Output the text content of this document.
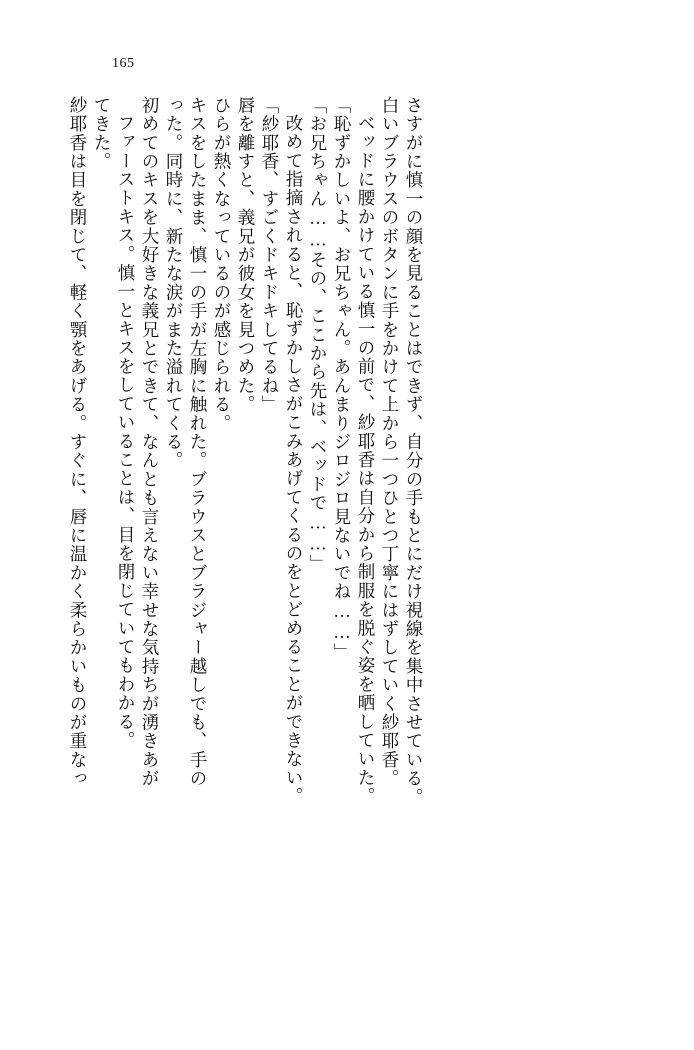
165
紗耶香は目を閉じて、軽く顎をあげる。すぐに、唇に温かく柔らかいものが重なっ てきた。 ファーストキス。慎一とキスをしていることは、目を閉じていてもわかる。 初めてのキスを大好きな義兄とできて、なんとも言えない幸せな気持ちが湧きあが った。同時に、新たな涙がまた溢れてくる。 キスをしたまま、慎一の手が左胸に触れた。ブラウスとブラジャー越しでも、手の ひらが熱くなっているのが感じられる。 唇を離すと、義兄が彼女を見つめた。 「紗耶香、すごくドキドキしてるね」 改めて指摘されると、恥ずかしさがこみあげてくるのをとどめることができない。 「お兄ちゃん……その、ここから先は、ベッドで……」 「恥ずかしいよ、お兄ちゃん。あんまりジロジロ見ないでね……」 ベッドに腰かけている慎一の前で、紗耶香は自分から制服を脱ぐ姿を晒していた。 白いブラウスのボタンに手をかけて上から一つひとつ丁寧にはずしていく紗耶香。 さすがに慎一の顔を見ることはできず、自分の手もとにだけ視線を集中させている。
